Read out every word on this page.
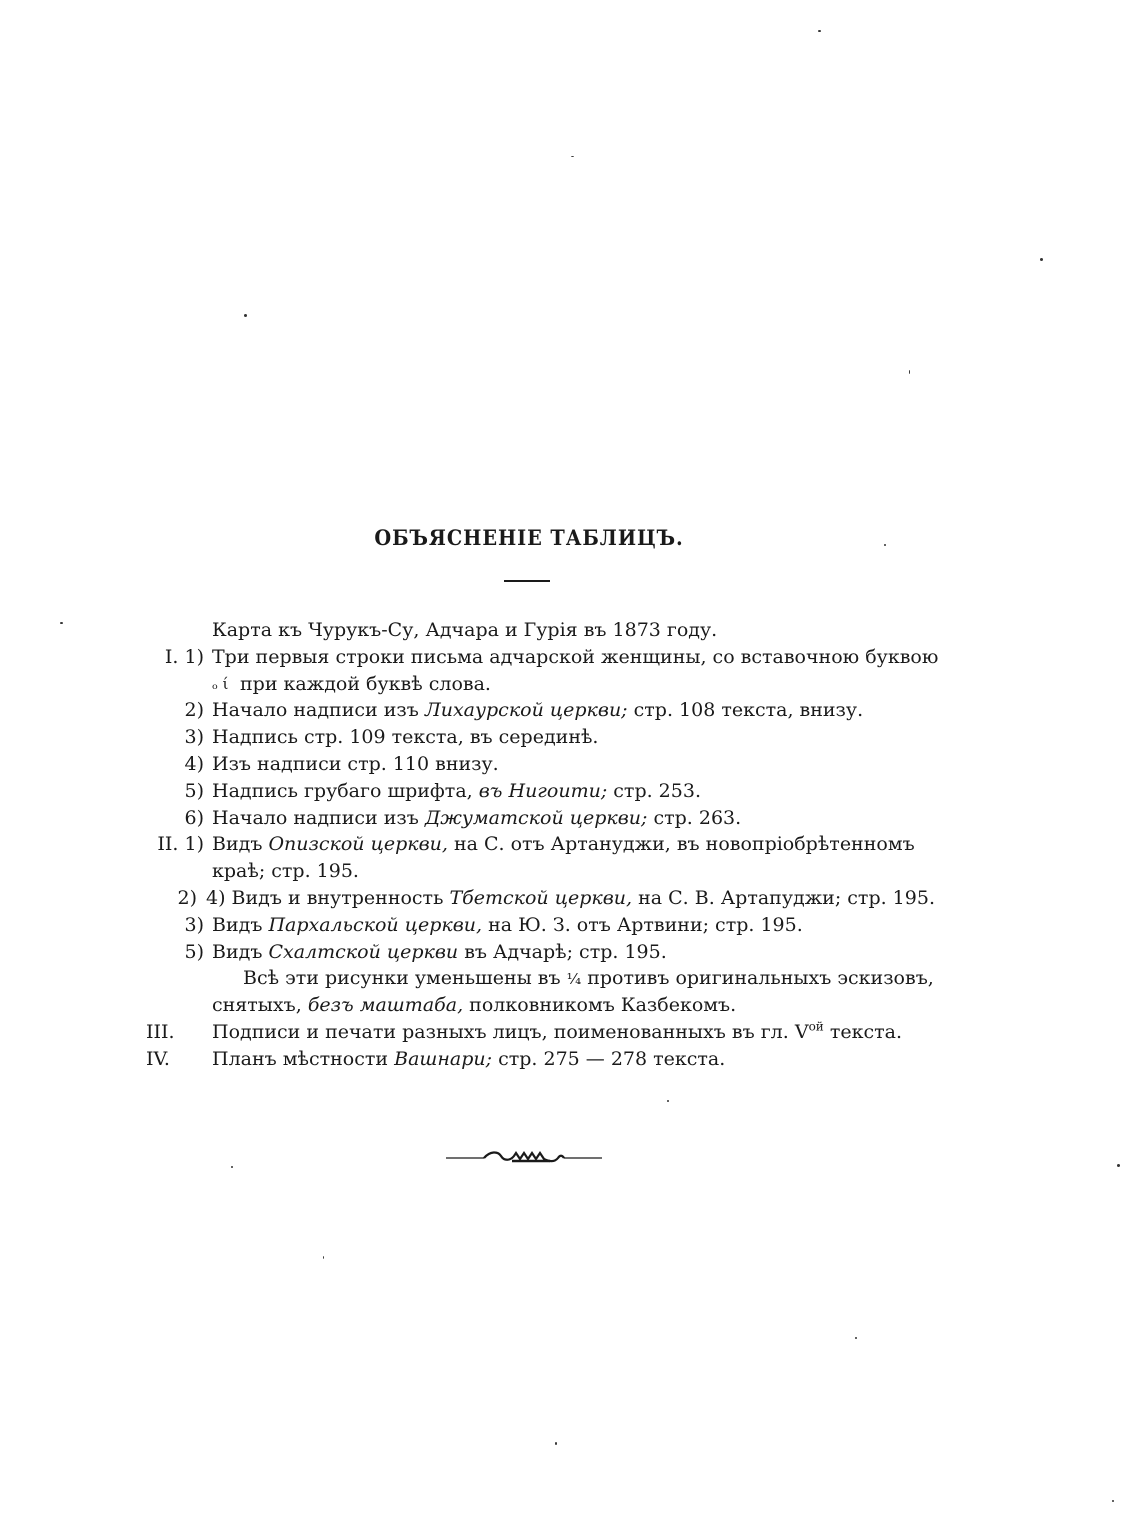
ОБЪЯСНЕНІЕ ТАБЛИЦЪ.
Карта къ Чурукъ-Су, Адчара и Гурія въ 1873 году.
I. 1) Три первыя строки письма адчарской женщины, со вставочною буквою
ₒ ί при каждой буквѣ слова.
2) Начало надписи изъ Лихаурской церкви; стр. 108 текста, внизу.
3) Надпись стр. 109 текста, въ серединѣ.
4) Изъ надписи стр. 110 внизу.
5) Надпись грубаго шрифта, въ Нигоити; стр. 253.
6) Начало надписи изъ Джуматской церкви; стр. 263.
II. 1) Видъ Опизской церкви, на С. отъ Артануджи, въ новопріобрѣтенномъ
краѣ; стр. 195.
2) 4) Видъ и внутренность Тбетской церкви, на С. В. Артапуджи; стр. 195.
3) Видъ Пархальской церкви, на Ю. З. отъ Артвини; стр. 195.
5) Видъ Схалтской церкви въ Адчарѣ; стр. 195.
Всѣ эти рисунки уменьшены въ ¹⁄₄ противъ оригинальныхъ эскизовъ,
снятыхъ, безъ маштаба, полковникомъ Казбекомъ.
III.	Подписи и печати разныхъ лицъ, поименованныхъ въ гл. $V^{ой}$ текста.
IV.	Планъ мѣстности Вашнари; стр. 275 — 278 текста.
